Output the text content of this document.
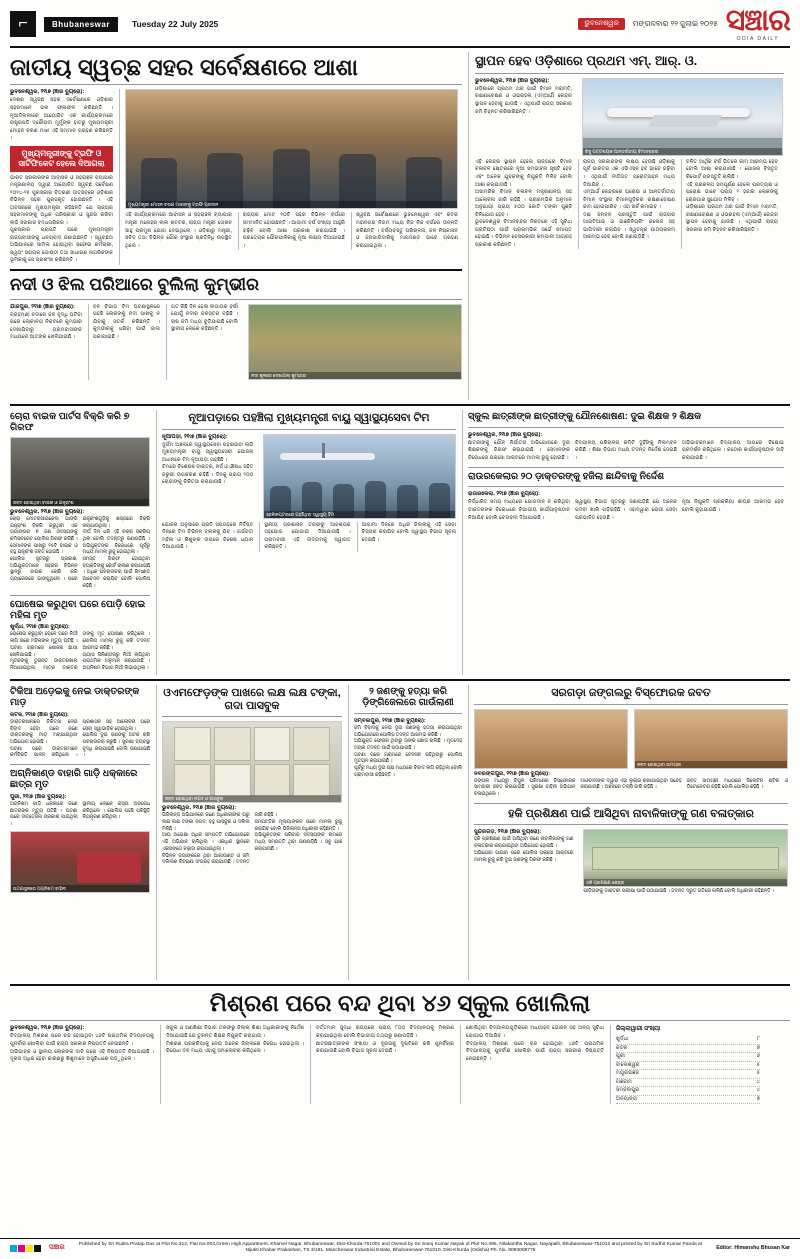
⌐	Bhubaneswar	Tuesday 22 July 2025	ଭୁବନେଶ୍ୱର	ମଙ୍ଗଳବାର ୨୨ ଜୁଲାଇ ୨୦୨୫ ସଞ୍ଚାର
ODIA DAILY
ଜାତୀୟ ସ୍ୱଚ୍ଛ ସହର ସର୍ବେକ୍ଷଣରେ ଆଶା
ଭୁବନେଶ୍ୱର, ୨୧ା୭ (ଞ୍ଚାର ବ୍ୟୁରୋ):
ଦେଶର ସ୍ୱଚ୍ଛ ସହର ସର୍ବେକ୍ଷଣରେ ଓଡ଼ିଶାର ସହରମାନେ ଭଲ ଫଳାଫଳ କରିଛନ୍ତି । ନୂଆଦିଲ୍ଲୀରେ ଆୟୋଜିତ ଏକ କାର୍ଯ୍ୟକ୍ରମରେ ରାଷ୍ଟ୍ରପତି ଦ୍ରୌପଦୀ ମୁର୍ମୁଙ୍କ ହାତରୁ ମୁଖ୍ୟମନ୍ତ୍ରୀ ମୋହନ ଚରଣ ମାଝୀ ଏହି ସମ୍ମାନ ଗ୍ରହଣ କରିଛନ୍ତି ।
ମୁଖ୍ୟମନ୍ତ୍ରୀଙ୍କୁ ଟ୍ରଫି ଓ ସାର୍ଟିଫିକେଟ ହେଲେ ଦିଆଗଲା
ଭାରତ ସରକାରଙ୍କ ଆବାସନ ଓ ସହରାଞ୍ଚଳ ବ୍ୟାପାର ମନ୍ତ୍ରଣାଳୟ ଦ୍ୱାରା ଆୟୋଜିତ ସ୍ୱଚ୍ଛ ସର୍ବେକ୍ଷଣ ୨୦୨୪-୨୫ ପୁରସ୍କାର ବିତରଣୀ ଉତ୍ସବରେ ଓଡ଼ିଶାର ବିଭିନ୍ନ ସହର ପୁରସ୍କୃତ ହୋଇଛନ୍ତି । ଏହି ଅବସରରେ ମୁଖ୍ୟମନ୍ତ୍ରୀ କହିଛନ୍ତି ଯେ ରାଜ୍ୟର ସହରମାନଙ୍କୁ ଅଧିକ ପରିଷ୍କାର ଓ ସୁନ୍ଦର କରିବା ଲାଗି ସରକାର ବଦ୍ଧପରିକର ।
ପୁରସ୍କାର ପ୍ରାପ୍ତି ପରେ ମୁଖ୍ୟମନ୍ତ୍ରୀ ରାଜ୍ୟବାସୀଙ୍କୁ ଧନ୍ୟବାଦ ଜଣାଇଛନ୍ତି । ସ୍ୱଚ୍ଛତା ଅଭିଯାନରେ ସାମିଲ ହୋଇଥିବା ସଫେଇ କର୍ମଚାରୀ, ସ୍ୱୟଂ ସହାୟକ ଗୋଷ୍ଠୀ ତଥା ସାଧାରଣ ନାଗରିକଙ୍କ ଭୂମିକାକୁ ସେ ପ୍ରଶଂସା କରିଛନ୍ତି ।
ମୁଖ୍ୟମନ୍ତ୍ରୀ ମୋହନ ଚରଣ ମାଝୀଙ୍କୁ ଟ୍ରଫି ପ୍ରଦାନ
ଏହି କାର୍ଯ୍ୟକ୍ରମରେ ଆବାସନ ଓ ସହରାଞ୍ଚଳ ବ୍ୟାପାର ମନ୍ତ୍ରୀ ମନୋହର ଲାଲ ଖଟ୍ଟର, ରାଜ୍ୟ ମନ୍ତ୍ରୀ ତୋଖନ ସାହୁ ପ୍ରମୁଖ ଯୋଗ ଦେଇଥିଲେ । ଓଡ଼ିଶାରୁ ମନ୍ତ୍ରୀ, ସଚିବ ତଥା ବିଭିନ୍ନ ପୌର ସଂସ୍ଥାର ପ୍ରତିନିଧି ଉପସ୍ଥିତ ଥିଲେ ।
ରାଜ୍ୟର ମୋଟ ୧୦ଟି ସହର ବିଭିନ୍ନ ବର୍ଗରେ ସମ୍ମାନିତ ହୋଇଛନ୍ତି । ଆଗାମୀ ବର୍ଷ ସଂଖ୍ୟା ଆହୁରି ବଢ଼ିବ ବୋଲି ଆଶା ପ୍ରକାଶ କରାଯାଇଛି । ପ୍ରତ୍ୟେକ ପୌରପାଳିକାକୁ ନୂଆ ଲକ୍ଷ୍ୟ ଦିଆଯାଇଛି ।
ସ୍ୱଚ୍ଛ ସର୍ବେକ୍ଷଣରେ ଭୁବନେଶ୍ୱର ଏବଂ କଟକ ମହାନଗର ନିଗମ ମଧ୍ୟ ନିଜ ନିଜ ବର୍ଗରେ ଉନ୍ନତି କରିଛନ୍ତି । ବର୍ଜ୍ୟବସ୍ତୁ ପରିଚାଳନା, ଜଳ ନିଷ୍କାସନ ଓ ଜନଭାଗିଦାରିକୁ ମାପଦଣ୍ଡ ଭାବେ ଗ୍ରହଣ କରାଯାଇଥିଲା ।
ନଦୀ ଓ ଝିଲ ପରିଆରେ ବୁଲିଲା କୁମ୍ଭୀର
ଯାଜପୁର, ୨୧ା୭ (ଞ୍ଚାର ବ୍ୟୁରୋ):
ବ୍ରାହ୍ମଣୀ ନଦୀରେ ଜଳ ବୃଦ୍ଧି ଘଟିବା ପରେ ଲୋକାଳୟ ନିକଟରେ କୁମ୍ଭୀର ଦେଖାଯିବାରୁ ଗ୍ରାମବାସୀଙ୍କ ମଧ୍ୟରେ ଆତଙ୍କ ଖେଳିଯାଇଛି ।
ବନ ବିଭାଗ ଟିମ ଘଟଣାସ୍ଥଳରେ ପହଞ୍ଚି ଲୋକଙ୍କୁ ନଦୀ ପାଖକୁ ନ ଯିବାକୁ ସତର୍କ କରିଛନ୍ତି । କୁମ୍ଭୀରକୁ ଧରିବା ପାଇଁ ଜାଲ ପକାଯାଇଛି ।
ଗତ କିଛି ଦିନ ହେଲା ଲଗାତାର ବର୍ଷା ଯୋଗୁଁ ନଦୀର ଜଳସ୍ତର ବଢ଼ିଛି । ଚାଷ ଜମି ମଧ୍ୟ ବୁଡ଼ିଯାଇଛି ବୋଲି ସ୍ଥାନୀୟ ଲୋକେ କହିଛନ୍ତି ।
ନଦୀ କୂଳରେ ଦେଖାଗଲା କୁମ୍ଭୀର
ସ୍ଥାପନ ହେବ ଓଡ଼ିଶାରେ ପ୍ରଥମ ଏମ୍. ଆର୍. ଓ.
ଭୁବନେଶ୍ୱର, ୨୧ା୭ (ଞ୍ଚାର ବ୍ୟୁରୋ):
ଓଡ଼ିଶାରେ ପ୍ରଥମ ଥର ପାଇଁ ବିମାନ ମରାମତି, ରକ୍ଷଣାବେକ୍ଷଣ ଓ ଓଭରହଲ (ଏମ୍ଆର୍ଓ) କେନ୍ଦ୍ର ସ୍ଥାପନ ହେବାକୁ ଯାଉଛି । ଏଥିପାଇଁ ରାଜ୍ୟ ସରକାର ଜମି ଚିହ୍ନଟ କରିସାରିଛନ୍ତି ।
ବିଜୁ ପଟ୍ଟନାୟକ ଆନ୍ତର୍ଜାତୀୟ ବିମାନବନ୍ଦର
ଏହି କେନ୍ଦ୍ର ସ୍ଥାପନ ହେଲେ ରାଜ୍ୟରେ ବିମାନ ଚଳାଚଳ କ୍ଷେତ୍ରରେ ନୂଆ ସମ୍ଭାବନା ସୃଷ୍ଟି ହେବ ଏବଂ ଅନେକ ଯୁବକଙ୍କୁ ନିଯୁକ୍ତି ମିଳିବ ବୋଲି ଆଶା କରାଯାଉଛି ।
ଅସାମରିକ ବିମାନ ଚଳାଚଳ ମନ୍ତ୍ରଣାଳୟ ସହ ଆଲୋଚନା ଜାରି ରହିଛି । ପ୍ରାରମ୍ଭିକ ଅନୁମାନ ଅନୁଯାୟୀ ପ୍ରାୟ ୫୦୦ କୋଟି ଟଙ୍କା ପୁଞ୍ଜି ବିନିଯୋଗ ହେବ ।
ଭୁବନେଶ୍ୱର ବିମାନବନ୍ଦର ନିକଟରେ ଏହି ସୁବିଧା ପ୍ରତିଷ୍ଠା ପାଇଁ ପ୍ରାରମ୍ଭିକ ସର୍ଭେ ସମାପ୍ତ ହୋଇଛି । ବିଭିନ୍ନ ବେସରକାରୀ କମ୍ପାନୀ ଆଗ୍ରହ ପ୍ରକାଶ କରିଛନ୍ତି ।
ରାଜ୍ୟ ସରକାରଙ୍କ ଲକ୍ଷ୍ୟ ହେଉଛି ଓଡ଼ିଶାକୁ ପୂର୍ବ ଭାରତର ଏକ ଏଭିଏସନ ହବ ଭାବେ ଗଢ଼ିବା । ଏଥିପାଇଁ ନୀତିଗତ ପ୍ରୋତ୍ସାହନ ମଧ୍ୟ ଦିଆଯିବ ।
ଏମ୍ଆର୍ଓ କେନ୍ଦ୍ରରେ ଘରୋଇ ଓ ଆନ୍ତର୍ଜାତୀୟ ବିମାନ ସଂସ୍ଥାର ବିମାନଗୁଡ଼ିକର ରକ୍ଷଣାବେକ୍ଷଣ କାମ ହୋଇପାରିବ । ଏହା ଖର୍ଚ୍ଚ କମାଇବ ।
ଦକ୍ଷ ଜନବଳ ପ୍ରସ୍ତୁତି ପାଇଁ ରାଜ୍ୟର ଆଇଟିଆଇ ଓ ଇଞ୍ଜିନିୟରିଂ କଲେଜ ସହ ଭାଗିଦାରୀ କରାଯିବ । ସ୍ୱତନ୍ତ୍ର ପାଠ୍ୟକ୍ରମ ଆରମ୍ଭ ହେବ ବୋଲି ଜଣାପଡ଼ିଛି ।
ଚଳିତ ଆର୍ଥିକ ବର୍ଷ ଭିତରେ କାମ ଆରମ୍ଭ ହେବ ବୋଲି ଆଶା କରାଯାଉଛି । ଯୋଜନା ବିସ୍ତୃତ ରିପୋର୍ଟ ପ୍ରସ୍ତୁତି ଚାଲିଛି ।
ଏହି ପ୍ରକଳ୍ପ ସମ୍ପୂର୍ଣ୍ଣ ହେଲେ ପ୍ରତ୍ୟକ୍ଷ ଓ ପରୋକ୍ଷ ଭାବେ ପ୍ରାୟ ୨ ହଜାର ଲୋକଙ୍କୁ ରୋଜଗାର ସୁଯୋଗ ମିଳିବ ।
ଓଡ଼ିଶାରେ ପ୍ରଥମ ଥର ପାଇଁ ବିମାନ ମରାମତି, ରକ୍ଷଣାବେକ୍ଷଣ ଓ ଓଭରହଲ (ଏମ୍ଆର୍ଓ) କେନ୍ଦ୍ର ସ୍ଥାପନ ହେବାକୁ ଯାଉଛି । ଏଥିପାଇଁ ରାଜ୍ୟ ସରକାର ଜମି ଚିହ୍ନଟ କରିସାରିଛନ୍ତି ।
ଚୋରା ବାଇକ ପାର୍ଟସ ବିକ୍ରି କରି ୭ ଗିରଫ
ଜବତ ହୋଇଥିବା ବାଇକ ଓ ଯନ୍ତ୍ରାଂଶ
ଭୁବନେଶ୍ୱର, ୨୧ା୭ (ଞ୍ଚାର ବ୍ୟୁରୋ):
ଚୋରା ମୋଟରସାଇକେଲ ଭାଙ୍ଗି ଯନ୍ତ୍ରାଂଶ ବିକ୍ରି କରୁଥିବା ଏକ ଗ୍ୟାଙ୍ଗର ୭ ଜଣ ସଦସ୍ୟଙ୍କୁ କମିସନରେଟ ପୋଲିସ ଗିରଫ କରିଛି । ସେମାନଙ୍କ ପାଖରୁ ୧୫ଟି ବାଇକ ଓ ବହୁ ଯନ୍ତ୍ରାଂଶ ଜବତ ହୋଇଛି ।
ପୋଲିସ ସୂତ୍ରରୁ ପ୍ରକାଶ, ଅଭିଯୁକ୍ତମାନେ ସହରର ବିଭିନ୍ନ ସ୍ଥାନରୁ ବାଇକ ଚୋରି କରି ଗ୍ୟାରେଜରେ ଭାଙ୍ଗୁଥିଲେ । ପରେ ଯନ୍ତ୍ରାଂଶଗୁଡ଼ିକୁ ଶସ୍ତାରେ ବିକ୍ରି କରାଯାଉଥିଲା ।
ଦୀର୍ଘ ଦିନ ଧରି ଏହି ଚକ୍ର ସକ୍ରିୟ ଥିଲା ବୋଲି ତଦନ୍ତରୁ ଜଣାପଡ଼ିଛି । ଅଭିଯୁକ୍ତଙ୍କ ବିରୋଧରେ ପୂର୍ବରୁ ମଧ୍ୟ ମାମଲା ରୁଜୁ ହୋଇଥିଲା ।
ସମସ୍ତ ଗିରଫ ହୋଇଥିବା ବ୍ୟକ୍ତିଙ୍କୁ କୋର୍ଟ ଚାଲାଣ କରାଯାଇଛି । ଅଧିକ ପଚରାଉଚରା ପାଇଁ ରିମାଣ୍ଡ ଆବେଦନ କରାଯିବ ବୋଲି ପୋଲିସ କହିଛି ।
ଘୋଷେଇ କରୁଥିବା ଘରେ ପୋଡ଼ି ହୋଇ ମହିଳା ମୃତ
ଖୁର୍ଦ୍ଧା, ୨୧ା୭ (ଞ୍ଚାର ବ୍ୟୁରୋ):
ରୋଷେଇ କରୁଥିବା ବେଳେ ଘରେ ନିଆଁ ଲାଗି ଜଣେ ମହିଳାଙ୍କ ମୃତ୍ୟୁ ଘଟିଛି । ଘଟଣା ଗ୍ରାମରେ ଶୋକର ଛାୟା ଖେଳିଯାଇଛି ।
ମୃତକଙ୍କୁ ତୁରନ୍ତ ଡାକ୍ତରଖାନା ନିଆଯାଇଥିଲା, ମାତ୍ର ଡାକ୍ତର ତାଙ୍କୁ ମୃତ ଘୋଷଣା କରିଥିଲେ । ପୋଲିସ ମାମଲା ରୁଜୁ କରି ତଦନ୍ତ ଆରମ୍ଭ କରିଛି ।
ଗ୍ୟାସ ସିଲିଣ୍ଡରରୁ ନିଆଁ ଲାଗିଥିବା ପ୍ରାଥମିକ ଅନୁମାନ କରାଯାଉଛି । ଅଗ୍ନିଶମ ବିଭାଗ ନିଆଁ ଲିଭାଇଥିଲା ।
ନୂଆପଡ଼ାରେ ପହଞ୍ଚିଲା ମୁଖ୍ୟମନ୍ତ୍ରୀ ବାୟୁ ସ୍ୱାସ୍ଥ୍ୟସେବା ଟିମ
ନୂଆପଡ଼ା, ୨୧ା୭ (ଞ୍ଚାର ବ୍ୟୁରୋ):
ଦୁର୍ଗମ ଅଞ୍ଚଳରେ ସ୍ୱାସ୍ଥ୍ୟସେବା ପହଞ୍ଚାଇବା ଲାଗି ମୁଖ୍ୟମନ୍ତ୍ରୀ ବାୟୁ ସ୍ୱାସ୍ଥ୍ୟସେବା ଯୋଜନା ଅଧୀନରେ ଟିମ ନୂଆପଡ଼ା ପହଞ୍ଚିଛି ।
ଟିମରେ ବିଶେଷଜ୍ଞ ଡାକ୍ତର, ନର୍ସ ଓ ଔଷଧ ସହିତ ଜରୁରୀ ଉପକରଣ ରହିଛି । ଦିନକୁ ପ୍ରାୟ ୨୦୦ ରୋଗୀଙ୍କୁ ଚିକିତ୍ସା କରାଯାଉଛି ।
ହେଲିକପ୍ଟରରେ ପହଞ୍ଚିଥିବା ସ୍ୱାସ୍ଥ୍ୟ ଟିମ
ଯୋଜନା ଅନୁସାରେ ପ୍ରତି ସପ୍ତାହରେ ନିର୍ଦ୍ଦିଷ୍ଟ ଦିନରେ ଟିମ ବିଭିନ୍ନ ବ୍ଲକକୁ ଯିବ । ଗର୍ଭବତୀ ମହିଳା ଓ ଶିଶୁଙ୍କ ଉପରେ ବିଶେଷ ଧ୍ୟାନ ଦିଆଯାଉଛି ।
ସ୍ଥାନୀୟ ପ୍ରଶାସନ ତରଫରୁ ଆବଶ୍ୟକ ସହଯୋଗ ଯୋଗାଇ ଦିଆଯାଉଛି । ଗ୍ରାମବାସୀ ଏହି ଉଦ୍ୟମକୁ ସ୍ୱାଗତ କରିଛନ୍ତି ।
ଆଗାମୀ ଦିନରେ ଅଧିକ ଜିଲ୍ଲାକୁ ଏହି ସେବା ବିସ୍ତାର କରାଯିବ ବୋଲି ସ୍ୱାସ୍ଥ୍ୟ ବିଭାଗ ସୂଚନା ଦେଇଛି ।
ସ୍କୁଲ ଛାତ୍ରୀଙ୍କ ଛାତ୍ରୀଙ୍କୁ ଯୌନଶୋଷଣ: ଦୁଇ ଶିକ୍ଷକ ୨ ଶିକ୍ଷକ
ଭୁବନେଶ୍ୱର, ୨୧ା୭ (ଞ୍ଚାର ବ୍ୟୁରୋ):
ଛାତ୍ରୀଙ୍କୁ ଯୌନ ନିର୍ଯାତନା ଅଭିଯୋଗରେ ଦୁଇ ଶିକ୍ଷକଙ୍କୁ ଗିରଫ କରାଯାଇଛି । ସେମାନଙ୍କ ବିରୋଧରେ ପକ୍ସୋ ଆକ୍ଟରେ ମାମଲା ରୁଜୁ ହୋଇଛି ।
ବିଦ୍ୟାଳୟ ପରିଚାଳନା କମିଟି ଦୁହିଁଙ୍କୁ ନିଲମ୍ବନ କରିଛି । ଶିକ୍ଷା ବିଭାଗ ମଧ୍ୟ ତଦନ୍ତ ନିର୍ଦ୍ଦେଶ ଦେଇଛି ।
ଅଭିଭାବକମାନେ ବିଦ୍ୟାଳୟ ଆଗରେ ବିକ୍ଷୋଭ ପ୍ରଦର୍ଶନ କରିଥିଲେ । କଠୋର କାର୍ଯ୍ୟାନୁଷ୍ଠାନ ଦାବି କରାଯାଇଛି ।
ରାଉରକେଲାର ୨୦ ଡ଼ାକ୍ତରଙ୍କୁ ହଜିଲା ଛାନ୍ଦିବାକୁ ନିର୍ଦ୍ଦେଶ
ରାଉରକେଲା, ୨୧ା୭ (ଞ୍ଚାର ବ୍ୟୁରୋ):
ନିର୍ଦ୍ଧାରିତ ସମୟ ମଧ୍ୟରେ ଯୋଗଦାନ ନ କରିଥିବା ଡାକ୍ତରଙ୍କ ବିରୋଧରେ ବିଭାଗୀୟ କାର୍ଯ୍ୟାନୁଷ୍ଠାନ ନିଆଯିବ ବୋଲି ଚେତାବନୀ ଦିଆଯାଇଛି ।
ସ୍ୱାସ୍ଥ୍ୟ ବିଭାଗ ସୂତ୍ରରୁ ଜଣାପଡ଼ିଛି ଯେ ଅନେକ ପଦବୀ ଖାଲି ପଡ଼ିରହିଛି । ଏହାଦ୍ୱାରା ରୋଗୀ ସେବା ପ୍ରଭାବିତ ହେଉଛି ।
ନୂଆ ନିଯୁକ୍ତି ପ୍ରକ୍ରିୟା ଶୀଘ୍ର ଆରମ୍ଭ ହେବ ବୋଲି କୁହାଯାଇଛି ।
ଟିକିଆ ଅଡ଼େଇକୁ ନେଇ ଡାକ୍ତରଙ୍କ ମାଡ଼
କଟକ, ୨୧ା୭ (ଞ୍ଚାର ବ୍ୟୁରୋ):
ଡାକ୍ତରଖାନାରେ ଚିକିତ୍ସା ନେଇ ବିବାଦ ହେବା ପରେ ଜଣେ ଡାକ୍ତରଙ୍କୁ ମାଡ଼ ମରାଯାଇଥିବା ଅଭିଯୋଗ ହୋଇଛି ।
ଘଟଣା ପରେ ଡାକ୍ତରମାନେ କର୍ମବିରତି ପାଳନ କରିଥିଲେ । ପ୍ରଶାସନ ସହ ଆଲୋଚନା ପରେ ସେବା ସ୍ୱାଭାବିକ ହୋଇଥିଲା ।
ପୋଲିସ ଦୁଇ ଜଣଙ୍କୁ ଅଟକ ରଖି ପଚରାଉଚରା କରୁଛି । ସୁରକ୍ଷା ବ୍ୟବସ୍ଥା ବୃଦ୍ଧି କରାଯାଇଛି ବୋଲି ଜଣାଯାଇଛି ।
ଅଗ୍ନିକାଣ୍ଡ ବାହାରି ଗାଡ଼ି ଧକ୍କାରେ ଛାତ୍ର ମୃତ
ପୁରୀ, ୨୧ା୭ (ଞ୍ଚାର ବ୍ୟୁରୋ):
ଅଗ୍ନିଶମ ଗାଡ଼ି ଧକ୍କାରେ ଜଣେ ଛାତ୍ରଙ୍କ ମୃତ୍ୟୁ ଘଟିଛି । ଘଟଣା ପରେ ଉତ୍ତେଜନା ପ୍ରକାଶ ପାଇଥିଲା ।
ସ୍ଥାନୀୟ ଲୋକେ ରାସ୍ତା ଅବରୋଧ କରିଥିଲେ । ପୋଲିସ ପହଞ୍ଚି ପରିସ୍ଥିତି ନିୟନ୍ତ୍ରଣ କରିଥିଲା ।
ଘଟଣାସ୍ଥଳରେ ଅଗ୍ନିଶମ ବାହିନୀ
ଓଏମଫେଡ଼ଙ୍କ ପାଖରେ ଲକ୍ଷ ଲକ୍ଷ ଟଙ୍କା, ଗଦା ପାସବୁକ
ଜବତ ହୋଇଥିବା ନଗଦ ଓ ପାସବୁକ
ଭୁବନେଶ୍ୱର, ୨୧ା୭ (ଞ୍ଚାର ବ୍ୟୁରୋ):
ଭିଜିଲାନ୍ସ ଅଭିଯାନରେ ଜଣେ ଅଧିକାରୀଙ୍କ ଘରୁ ଲକ୍ଷ ଲକ୍ଷ ଟଙ୍କା ନଗଦ, ବହୁ ପାସବୁକ ଓ ଦଲିଲ ମିଳିଛି ।
ଆୟ ଅପେକ୍ଷା ଅଧିକ ସମ୍ପତ୍ତି ଅଭିଯୋଗରେ ଏହି ଅଭିଯାନ ଚାଲିଥିଲା । ଏକାଧିକ ସ୍ଥାନରେ ଏକସଙ୍ଗେ ଚଢ଼ାଉ କରାଯାଇଥିଲା ।
ବିଭିନ୍ନ ବ୍ୟାଙ୍କରେ ଥିବା ଆକାଉଣ୍ଟ ଓ ଜମି ଦଲିଲର ବିବରଣୀ ସଂଗ୍ରହ କରାଯାଉଛି । ତଦନ୍ତ ଜାରି ରହିଛି ।
ସମ୍ପତ୍ତିର ମୂଲ୍ୟାଙ୍କନ ପରେ ମାମଲା ରୁଜୁ କରାଯିବ ବୋଲି ଭିଜିଲାନ୍ସ ଅଧିକାରୀ କହିଛନ୍ତି ।
ଅଭିଯୁକ୍ତଙ୍କ ପରିବାର ସଦସ୍ୟଙ୍କ ନାମରେ ମଧ୍ୟ ସମ୍ପତ୍ତି ଥିବା ଜଣାପଡ଼ିଛି । ସବୁ ଯାଞ୍ଚ କରାଯାଉଛି ।
୨ ଜଣଙ୍କୁ ହତ୍ୟା କରି ଡ଼ିଙ୍ଗିଜେଲରେ ଗାଉଁଲାଣୀ
ସମ୍ବଲପୁର, ୨୧ା୭ (ଞ୍ଚାର ବ୍ୟୁରୋ):
ଜମି ବିବାଦକୁ ନେଇ ଦୁଇ ଜଣଙ୍କୁ ହତ୍ୟା କରାଯାଇଥିବା ଅଭିଯୋଗରେ ପୋଲିସ ତଦନ୍ତ ଆରମ୍ଭ କରିଛି ।
ଅଭିଯୁକ୍ତ ଫେରାର ଥିବାରୁ ତାଙ୍କ ଖୋଜ ଚାଲିଛି । ମୃତଦେହ ମୟନା ତଦନ୍ତ ପାଇଁ ପଠାଯାଇଛି ।
ଘଟଣା ପରେ ଗ୍ରାମରେ ଟେନସନ ରହିଥିବାରୁ ପୋଲିସ ମୁତୟନ କରାଯାଇଛି ।
ପୂର୍ବରୁ ମଧ୍ୟ ଦୁଇ ପକ୍ଷ ମଧ୍ୟରେ ବିବାଦ ଲାଗି ରହିଥିଲା ବୋଲି ଗ୍ରାମବାସୀ କହିଛନ୍ତି ।
ସରଗଡ଼ା ଜଙ୍ଗଲରୁ ବିସ୍ଫୋରକ ଜବତ
ଜବତ ହୋଇଥିବା ସାମଗ୍ରୀ
ନବରଙ୍ଗପୁର, ୨୧ା୭ (ଞ୍ଚାର ବ୍ୟୁରୋ):
ଜଙ୍ଗଲ ମଧ୍ୟରୁ ବିପୁଳ ପରିମାଣର ବିସ୍ଫୋରକ ସାମଗ୍ରୀ ଜବତ କରାଯାଇଛି । ସୁରକ୍ଷା ବାହିନୀ ଅଭିଯାନ ଚଳାଇଥିଲେ ।
ମାଓବାଦୀଙ୍କ ଦ୍ୱାରା ଏହା ଲୁଚାଇ ରଖାଯାଇଥିବା ସନ୍ଦେହ କରାଯାଉଛି । ଅଞ୍ଚଳରେ ତଲାସି ଜାରି ରହିଛି ।
ଜବତ ସାମଗ୍ରୀ ମଧ୍ୟରେ ଜିଲେଟିନ ଷ୍ଟିକ ଓ ଡିଟୋନେଟର ରହିଛି ବୋଲି ପୋଲିସ କହିଛି ।
ହକି ପ୍ରଶିକ୍ଷଣ ପାଇଁ ଆସିଥିବା ନାବାଳିକାଙ୍କୁ ଗଣ ବଳାତ୍କାର
ସୁନ୍ଦରଗଡ଼, ୨୧ା୭ (ଞ୍ଚାର ବ୍ୟୁରୋ):
ହକି ପ୍ରଶିକ୍ଷଣ ପାଇଁ ଆସିଥିବା ଜଣେ ନାବାଳିକାଙ୍କୁ ଗଣ ବଳାତ୍କାର କରାଯାଇଥିବା ଅଭିଯୋଗ ହୋଇଛି ।
ଅଭିଯୋଗ ପାଇବା ପରେ ପୋଲିସ ପକ୍ସୋ ଆକ୍ଟରେ ମାମଲା ରୁଜୁ କରି ଦୁଇ ଜଣଙ୍କୁ ଗିରଫ କରିଛି ।
ହକି ପ୍ରଶିକ୍ଷଣ କେନ୍ଦ୍ର
ପୀଡ଼ିତାଙ୍କୁ ଡାକ୍ତରୀ ପରୀକ୍ଷା ପାଇଁ ପଠାଯାଇଛି । ତଦନ୍ତ ଦ୍ରୁତ ଗତିରେ ଚାଲିଛି ବୋଲି ଅଧିକାରୀ କହିଛନ୍ତି ।
ମିଶ୍ରଣ ପରେ ବନ୍ଦ ଥିବା ୪୬ ସ୍କୁଲ ଖୋଲିଲା
ଭୁବନେଶ୍ୱର, ୨୧ା୭ (ଞ୍ଚାର ବ୍ୟୁରୋ):
ବିଦ୍ୟାଳୟ ମିଶ୍ରଣ ପରେ ବନ୍ଦ ହୋଇଥିବା ୪୬ଟି ପ୍ରାଥମିକ ବିଦ୍ୟାଳୟକୁ ପୁନର୍ବାର ଖୋଲିବା ପାଇଁ ରାଜ୍ୟ ସରକାର ନିଷ୍ପତ୍ତି ନେଇଛନ୍ତି ।
ଅଭିଭାବକ ଓ ସ୍ଥାନୀୟ ଲୋକଙ୍କ ଦାବି ପରେ ଏହି ନିଷ୍ପତ୍ତି ନିଆଯାଇଛି । ଦୂରତା ଅଧିକ ହେବା କାରଣରୁ ଶିଶୁମାନେ ଅସୁବିଧାରେ ପଡ଼ୁଥିଲେ ।
ସ୍କୁଲ ଓ ଗଣଶିକ୍ଷା ବିଭାଗ ତରଫରୁ ଜିଲ୍ଲା ଶିକ୍ଷା ଅଧିକାରୀଙ୍କୁ ନିର୍ଦ୍ଦେଶ ଦିଆଯାଇଛି ଯେ ତୁରନ୍ତ ଶିକ୍ଷକ ନିଯୁକ୍ତି କରାଯାଉ ।
ମିଶ୍ରଣ ପ୍ରକ୍ରିୟାକୁ ନେଇ ଅନେକ ଜିଲ୍ଲାରେ ବିରୋଧ ହୋଇଥିଲା । ବିରୋଧୀ ଦଳ ମଧ୍ୟ ଏହାକୁ ସମାଲୋଚନା କରିଥିଲେ ।
ବର୍ତ୍ତମାନ ସୁଦ୍ଧା ରାଜ୍ୟରେ ପ୍ରାୟ ୮୦୦ ବିଦ୍ୟାଳୟକୁ ମିଶ୍ରଣ କରାଯାଇଥିଲା ବୋଲି ବିଭାଗୀୟ ତଥ୍ୟରୁ ଜଣାପଡ଼ିଛି ।
ଛାତ୍ରଛାତ୍ରୀଙ୍କ ସଂଖ୍ୟା ଓ ଦୂରତାକୁ ଦୃଷ୍ଟିରେ ରଖି ପୁନର୍ବିଚାର କରାଯାଉଛି ବୋଲି ବିଭାଗ ସୂଚନା ଦେଇଛି ।
ଖୋଲିଥିବା ବିଦ୍ୟାଳୟଗୁଡ଼ିକରେ ମଧ୍ୟାହ୍ନ ଭୋଜନ ସହ ଅନ୍ୟ ସୁବିଧା ଯୋଗାଇ ଦିଆଯିବ ।
ବିଦ୍ୟାଳୟ ମିଶ୍ରଣ ପରେ ବନ୍ଦ ହୋଇଥିବା ୪୬ଟି ପ୍ରାଥମିକ ବିଦ୍ୟାଳୟକୁ ପୁନର୍ବାର ଖୋଲିବା ପାଇଁ ରାଜ୍ୟ ସରକାର ନିଷ୍ପତ୍ତି ନେଇଛନ୍ତି ।
ଜିଲ୍ଲାୱାରୀ ସଂଖ୍ୟା
ଖୁର୍ଦ୍ଧା	୮
କଟକ	୭
ପୁରୀ	୬
ବାଲେଶ୍ୱର	୫
ମୟୂରଭଞ୍ଜ	୫
ଗଞ୍ଜାମ	୪
ସମ୍ବଲପୁର	୪
ଅନ୍ୟାନ୍ୟ	୭
ସଞ୍ଚାର
Published by Sri Rudra Pratap Das at Plot No.312, Flat No.003,Green High Appartment, Kharvel Nagar, Bhubaneswar, Dist-Khorda-751001 and Owned by Sri Saroj Kumar Nayak of Plot No.495, Nilakantha Nagar, Nayapalli, Bhubaneswar-751012 and printed by Sri Sudhir Kumar Panda at Nijukti Khabar Prakashan, TS 3/191, Mancheswar Industrial Estate, Bhubaneswar-751010, Dist-Khurda (Odisha) Ph. No. 8093008776	Editor: Himanshu Bhusan Kar
